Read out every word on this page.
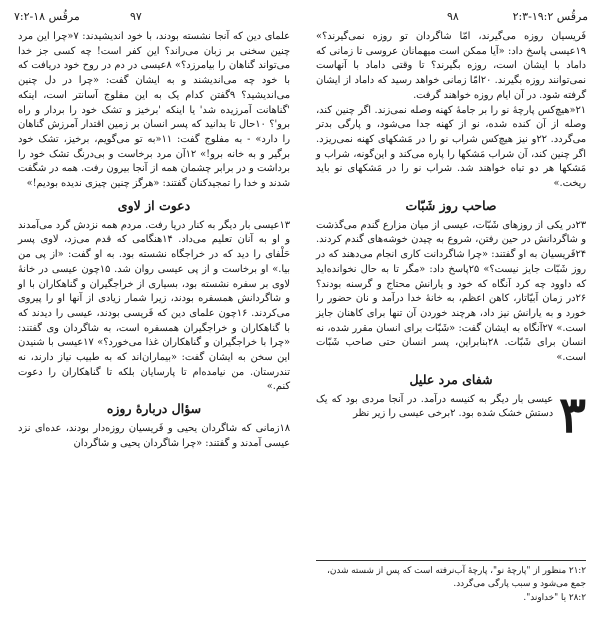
مرقُس ۱۸-۷:۲	۹۷	۹۸	مرقُس ۱۹:۲-۲:۳

علمای دین که آنجا نشسته بودند، با خود اندیشیدند: ۷«چرا این مرد چنین سخنی بر زبان می‌راند؟ این کفر است! چه کسی جز خدا می‌تواند گناهان را بیامرزد؟» ۸عیسی در دم در روح خود دریافت که با خود چه می‌اندیشند و به ایشان گفت: «چرا در دل چنین می‌اندیشید؟ ۹گفتن کدام یک به این مفلوج آسانتر است، اینکه 'گناهانت آمرزیده شد' یا اینکه 'برخیز و تشک خود را بردار و راه برو'؟ ۱۰حال تا بدانید که پسر انسان بر زمین اقتدار آمرزش گناهان را دارد» - به مفلوج گفت: ۱۱«به تو می‌گویم، برخیز، تشک خود برگیر و به خانه برو!» ۱۲آن مرد برخاست و بی‌درنگ تشک خود را برداشت و در برابر چشمان همه از آنجا بیرون رفت. همه در شگفت شدند و خدا را تمجیدکنان گفتند: «هرگز چنین چیزی ندیده بودیم!»

دعوت از لاوی

۱۳عیسی بار دیگر به کنار دریا رفت. مردم همه نزدش گرد می‌آمدند و او به آنان تعلیم می‌داد. ۱۴هنگامی که قدم می‌زد، لاوی پسر حَلْفای را دید که در خراجگاه نشسته بود. به او گفت: «از پی من بیا.» او برخاست و از پی عیسی روان شد. ۱۵چون عیسی در خانۀ لاوی بر سفره نشسته بود، بسیاری از خراجگیران و گناهکاران با او و شاگردانش همسفره بودند، زیرا شمار زیادی از آنها او را پیروی می‌کردند. ۱۶چون علمای دین که فَریسی بودند، عیسی را دیدند که با گناهکاران و خراجگیران همسفره است، به شاگردان وی گفتند: «چرا با خراجگیران و گناهکاران غذا می‌خورد؟» ۱۷عیسی با شنیدن این سخن به ایشان گفت: «بیماران‌اند که به طبیب نیاز دارند، نه تندرستان. من نیامده‌ام تا پارسایان بلکه تا گناهکاران را دعوت کنم.»

سؤال دربارۀ روزه

۱۸زمانی که شاگردان یحیی و فَریسیان روزه‌دار بودند، عده‌ای نزد عیسی آمدند و گفتند: «چرا شاگردان یحیی و شاگردان

فَریسیان روزه می‌گیرند، امّا شاگردان تو روزه نمی‌گیرند؟» ۱۹عیسی پاسخ داد: «آیا ممکن است میهمانان عروسی تا زمانی که داماد با ایشان است، روزه بگیرند؟ تا وقتی داماد با آنهاست نمی‌توانند روزه بگیرند. ۲۰امّا زمانی خواهد رسید که داماد از ایشان گرفته شود. در آن ایام روزه خواهند گرفت.

۲۱«هیچ‌کس پارچۀ نو را بر جامۀ کهنه وصله نمی‌زند. اگر چنین کند، وصله از آن کنده شده، نو از کهنه جدا می‌شود، و پارگی بدتر می‌گردد. ۲۲و نیز هیچ‌کس شراب نو را در مَشکهای کهنه نمی‌ریزد. اگر چنین کند، آن شراب مَشکها را پاره می‌کند و این‌گونه، شراب و مَشکها هر دو تباه خواهند شد. شراب نو را در مَشکهای نو باید ریخت.»

صاحب روز شَبّات

۲۳در یکی از روزهای شَبّات، عیسی از میان مزارع گندم می‌گذشت و شاگردانش در حین رفتن، شروع به چیدن خوشه‌های گندم کردند. ۲۴فَریسیان به او گفتند: «چرا شاگردانت کاری انجام می‌دهند که در روز شَبّات جایز نیست؟» ۲۵پاسخ داد: «مگر تا به حال نخوانده‌اید که داوود چه کرد آنگاه که خود و یارانش محتاج و گرسنه بودند؟ ۲۶در زمان اَبیّاتار، کاهن اعظم، به خانۀ خدا درآمد و نان حضور را خورد و به یارانش نیز داد، هرچند خوردن آن تنها برای کاهنان جایز است.» ۲۷آنگاه به ایشان گفت: «شَبّات برای انسان مقرر شده، نه انسان برای شَبّات. ۲۸بنابراین، پسر انسان حتی صاحب شَبّات است.»

شفای مرد علیل

۳
عیسی بار دیگر به کنیسه درآمد. در آنجا مردی بود که یک دستش خشک شده بود. ۲برخی عیسی را زیر نظر

۲۱:۲ منظور از "پارچۀ نو"، پارچۀ آب‌نرفته است که پس از شسته شدن، جمع می‌شود و سبب پارگی می‌گردد.
۲۸:۲ یا "خداوند".
